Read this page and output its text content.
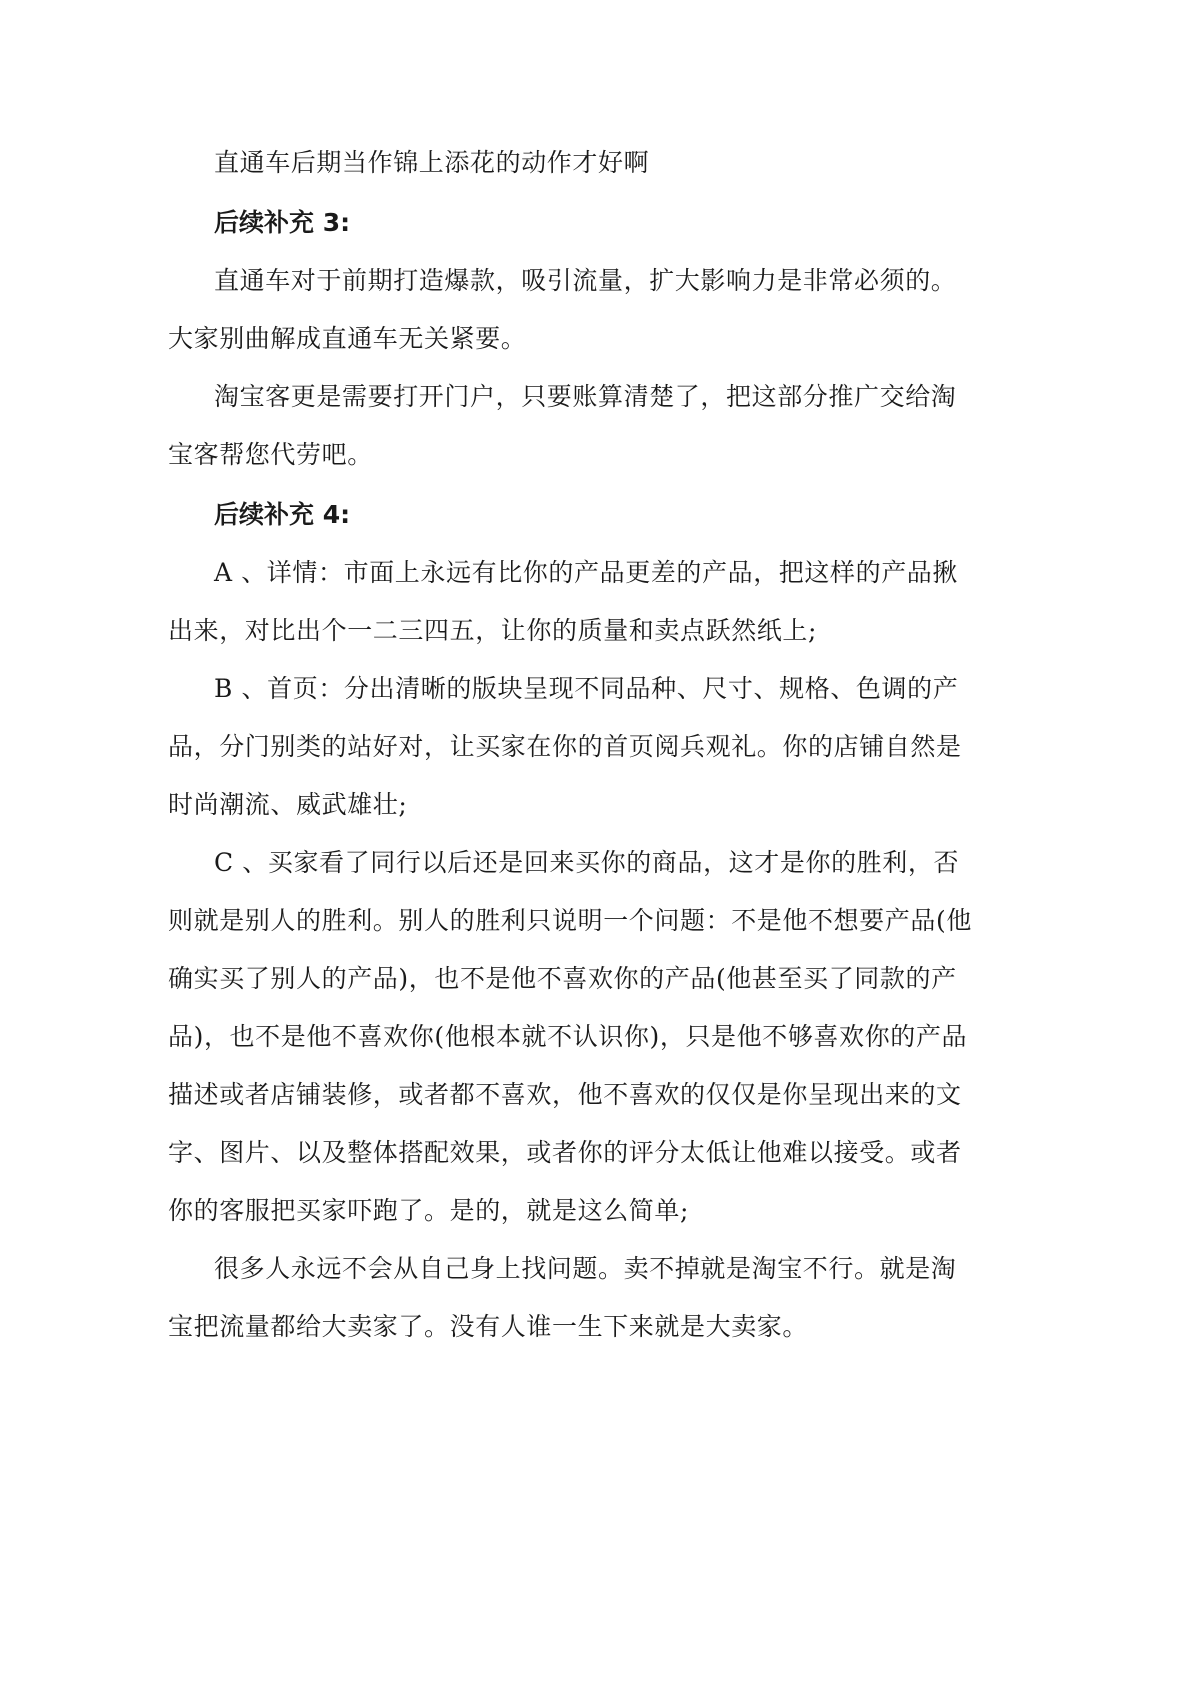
直通车后期当作锦上添花的动作才好啊
后续补充 3:
直通车对于前期打造爆款，吸引流量，扩大影响力是非常必须的。
大家别曲解成直通车无关紧要。
淘宝客更是需要打开门户，只要账算清楚了，把这部分推广交给淘
宝客帮您代劳吧。
后续补充 4:
A 、详情：市面上永远有比你的产品更差的产品，把这样的产品揪
出来，对比出个一二三四五，让你的质量和卖点跃然纸上;
B 、首页：分出清晰的版块呈现不同品种、尺寸、规格、色调的产
品，分门别类的站好对，让买家在你的首页阅兵观礼。你的店铺自然是
时尚潮流、威武雄壮;
C 、买家看了同行以后还是回来买你的商品，这才是你的胜利，否
则就是别人的胜利。别人的胜利只说明一个问题：不是他不想要产品(他
确实买了别人的产品)，也不是他不喜欢你的产品(他甚至买了同款的产
品)，也不是他不喜欢你(他根本就不认识你)，只是他不够喜欢你的产品
描述或者店铺装修，或者都不喜欢，他不喜欢的仅仅是你呈现出来的文
字、图片、以及整体搭配效果，或者你的评分太低让他难以接受。或者
你的客服把买家吓跑了。是的，就是这么简单;
很多人永远不会从自己身上找问题。卖不掉就是淘宝不行。就是淘
宝把流量都给大卖家了。没有人谁一生下来就是大卖家。
